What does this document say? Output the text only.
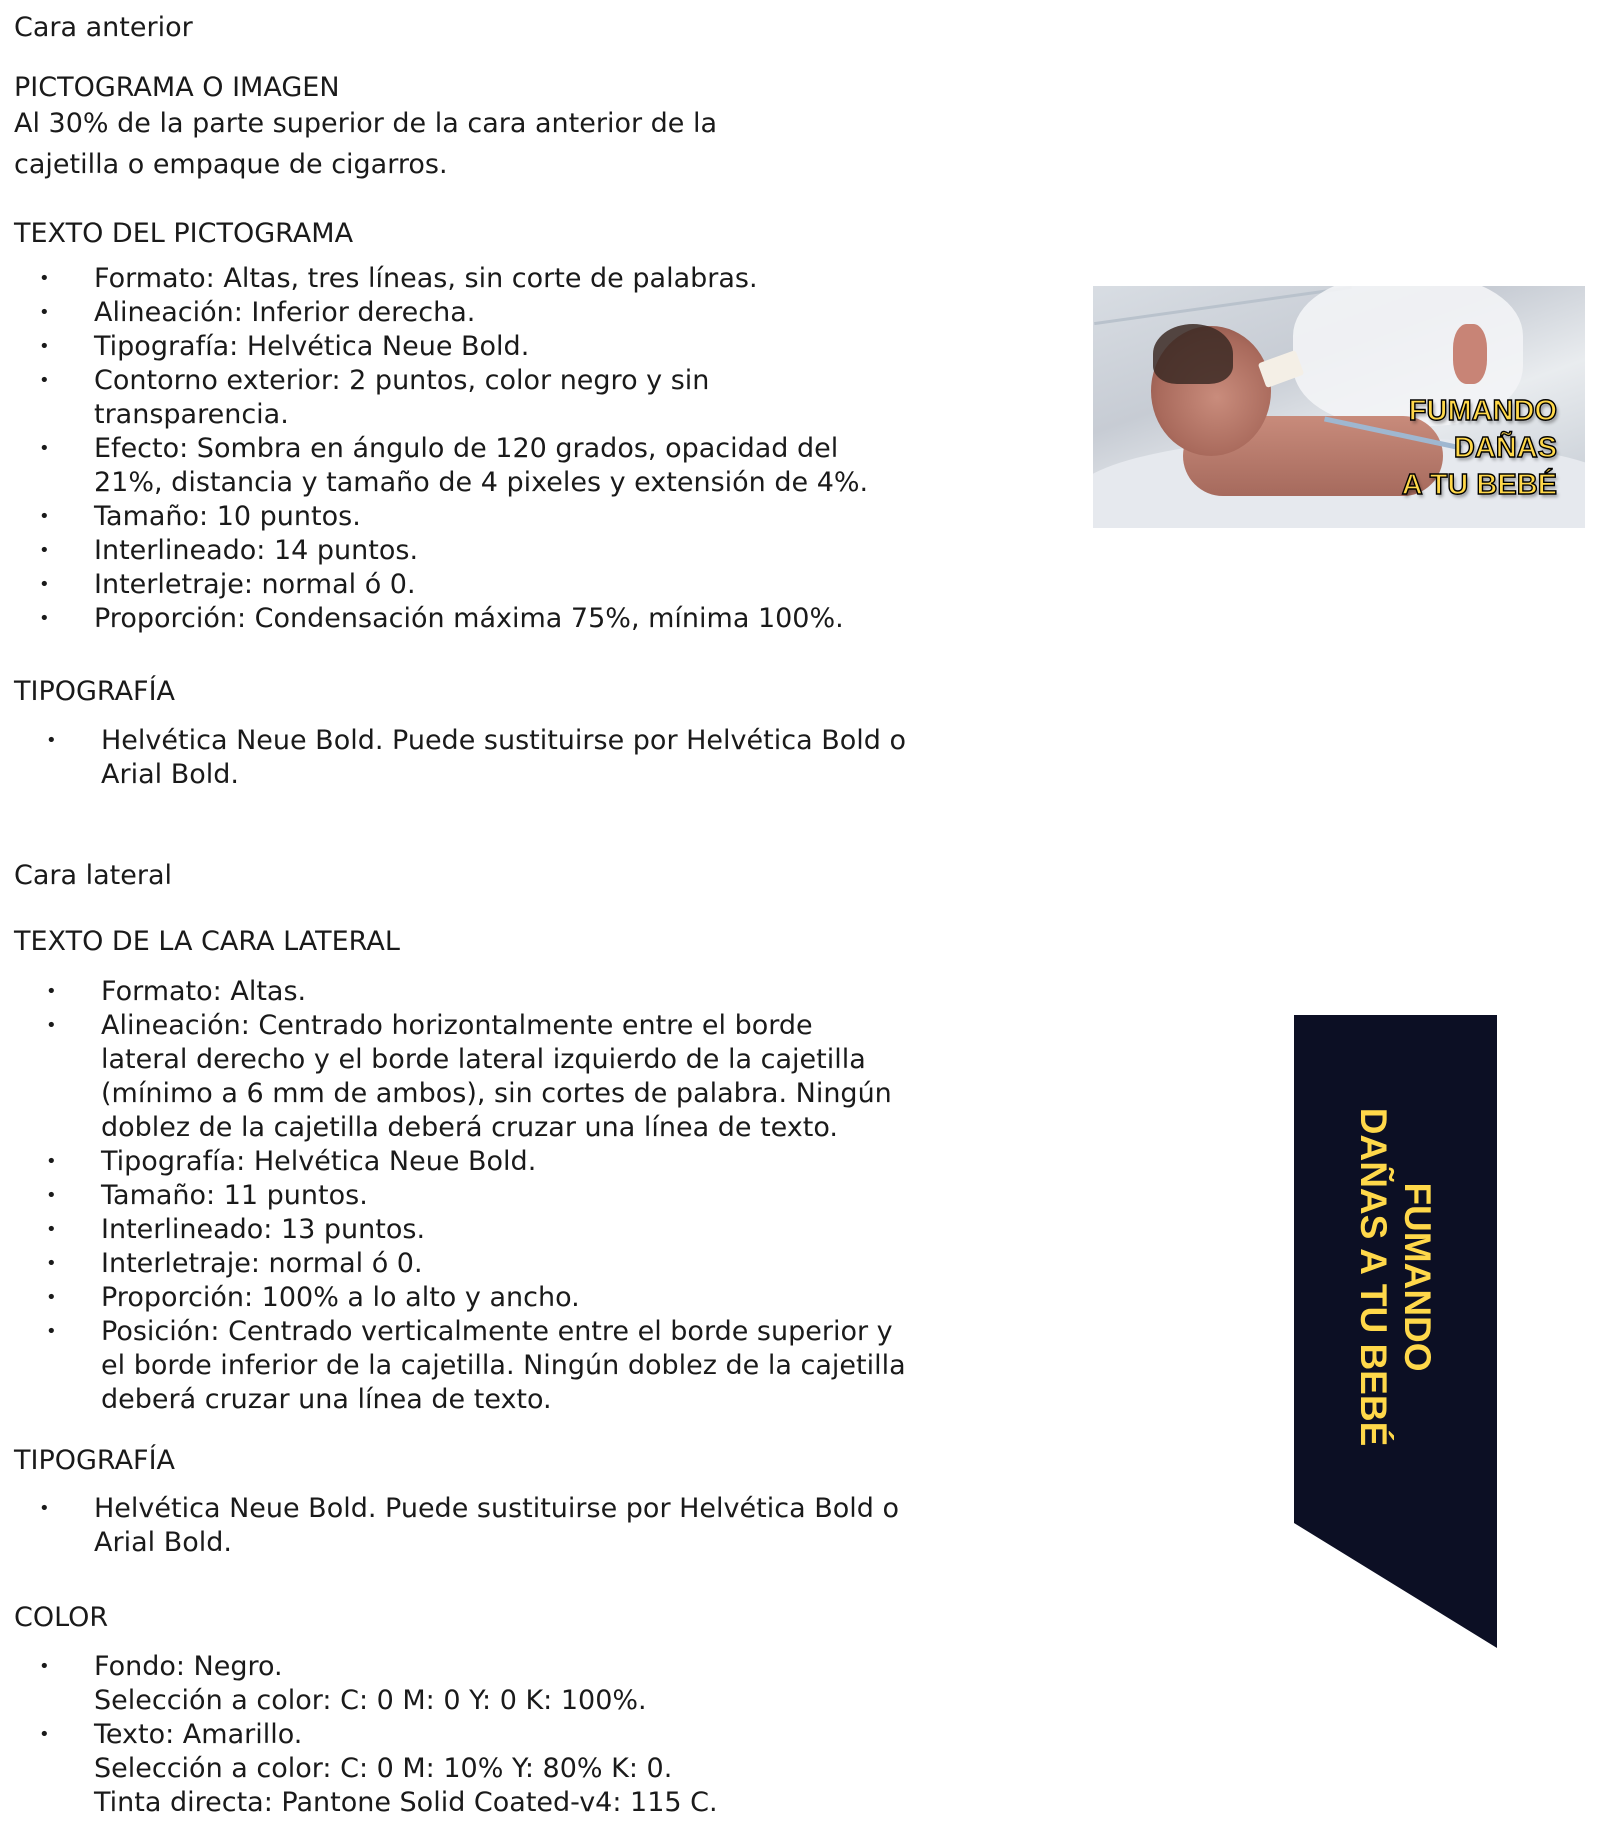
Cara anterior

PICTOGRAMA O IMAGEN

Al 30% de la parte superior de la cara anterior de la

cajetilla o empaque de cigarros.

TEXTO DEL PICTOGRAMA

• Formato: Altas, tres líneas, sin corte de palabras.
• Alineación: Inferior derecha.
• Tipografía: Helvética Neue Bold.
• Contorno exterior: 2 puntos, color negro y sin
transparencia.
• Efecto: Sombra en ángulo de 120 grados, opacidad del
21%, distancia y tamaño de 4 pixeles y extensión de 4%.
• Tamaño: 10 puntos.
• Interlineado: 14 puntos.
• Interletraje: normal ó 0.
• Proporción: Condensación máxima 75%, mínima 100%.

TIPOGRAFÍA

• Helvética Neue Bold. Puede sustituirse por Helvética Bold o
Arial Bold.

FUMANDO
DAÑAS
A TU BEBÉ

Cara lateral

TEXTO DE LA CARA LATERAL

• Formato: Altas.
• Alineación: Centrado horizontalmente entre el borde
lateral derecho y el borde lateral izquierdo de la cajetilla
(mínimo a 6 mm de ambos), sin cortes de palabra. Ningún
doblez de la cajetilla deberá cruzar una línea de texto.
• Tipografía: Helvética Neue Bold.
• Tamaño: 11 puntos.
• Interlineado: 13 puntos.
• Interletraje: normal ó 0.
• Proporción: 100% a lo alto y ancho.
• Posición: Centrado verticalmente entre el borde superior y
el borde inferior de la cajetilla. Ningún doblez de la cajetilla
deberá cruzar una línea de texto.

TIPOGRAFÍA

• Helvética Neue Bold. Puede sustituirse por Helvética Bold o
Arial Bold.

COLOR

• Fondo: Negro.
Selección a color: C: 0 M: 0 Y: 0 K: 100%.
• Texto: Amarillo.
Selección a color: C: 0 M: 10% Y: 80% K: 0.
Tinta directa: Pantone Solid Coated-v4: 115 C.
FUMANDO
DAÑAS A TU BEBÉ
